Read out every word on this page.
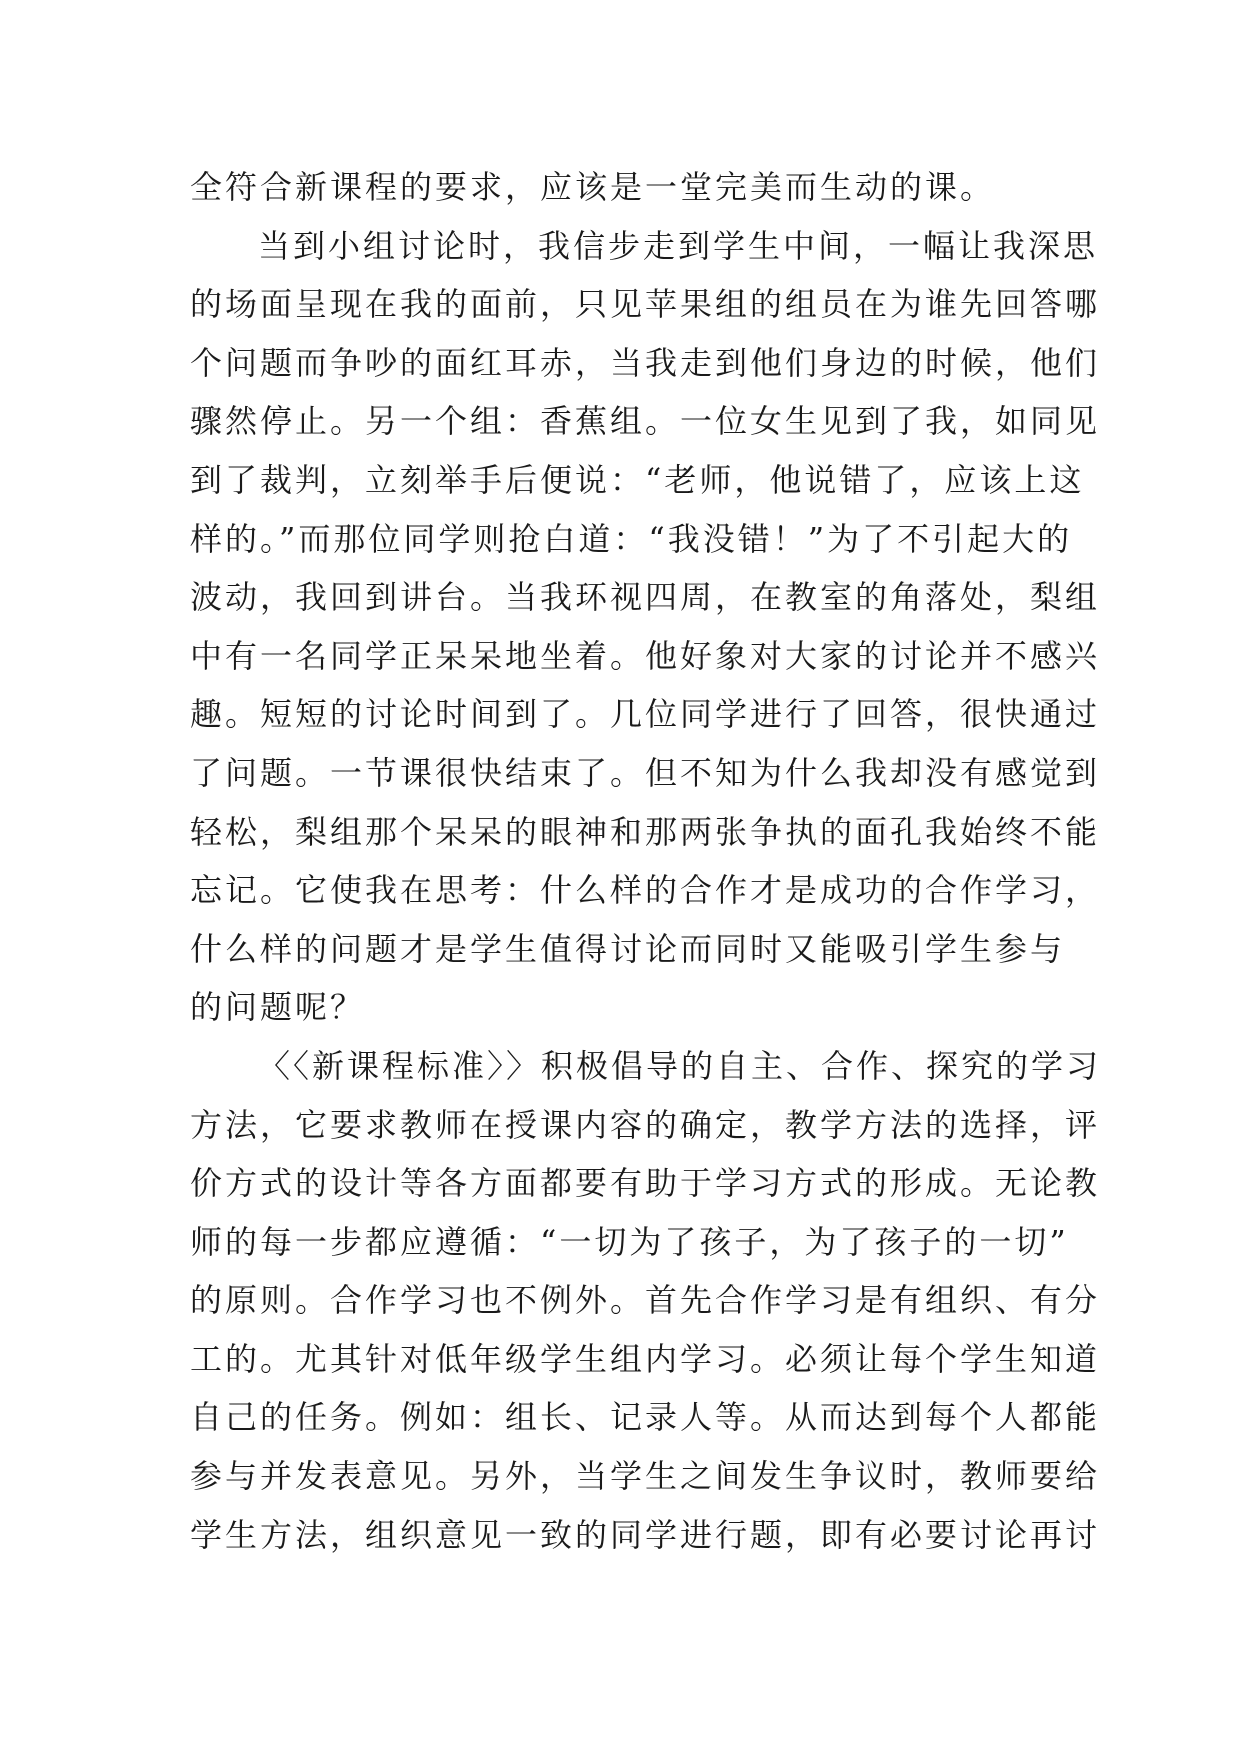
全符合新课程的要求，应该是一堂完美而生动的课。
当到小组讨论时，我信步走到学生中间，一幅让我深思
的场面呈现在我的面前，只见苹果组的组员在为谁先回答哪
个问题而争吵的面红耳赤，当我走到他们身边的时候，他们
骤然停止。另一个组：香蕉组。一位女生见到了我，如同见
到了裁判，立刻举手后便说：“老师，他说错了，应该上这
样的。”而那位同学则抢白道：“我没错！”为了不引起大的
波动，我回到讲台。当我环视四周，在教室的角落处，梨组
中有一名同学正呆呆地坐着。他好象对大家的讨论并不感兴
趣。短短的讨论时间到了。几位同学进行了回答，很快通过
了问题。一节课很快结束了。但不知为什么我却没有感觉到
轻松，梨组那个呆呆的眼神和那两张争执的面孔我始终不能
忘记。它使我在思考：什么样的合作才是成功的合作学习，
什么样的问题才是学生值得讨论而同时又能吸引学生参与
的问题呢？
〈〈新课程标准〉〉积极倡导的自主、合作、探究的学习
方法，它要求教师在授课内容的确定，教学方法的选择，评
价方式的设计等各方面都要有助于学习方式的形成。无论教
师的每一步都应遵循：“一切为了孩子，为了孩子的一切”
的原则。合作学习也不例外。首先合作学习是有组织、有分
工的。尤其针对低年级学生组内学习。必须让每个学生知道
自己的任务。例如：组长、记录人等。从而达到每个人都能
参与并发表意见。另外，当学生之间发生争议时，教师要给
学生方法，组织意见一致的同学进行题，即有必要讨论再讨
